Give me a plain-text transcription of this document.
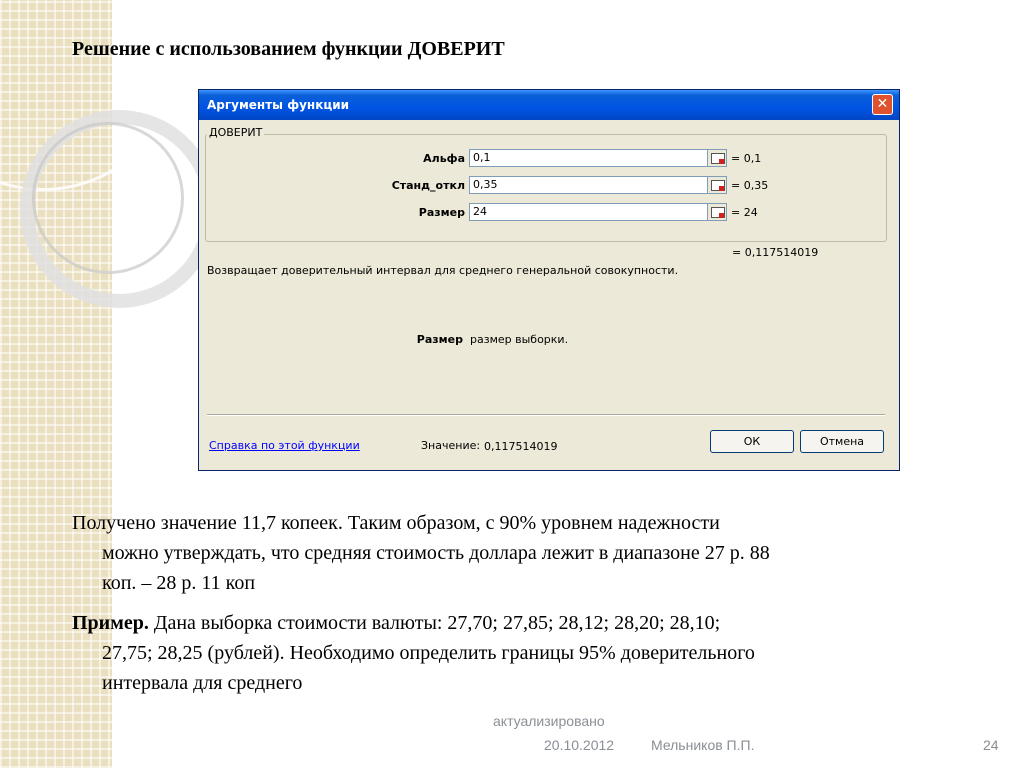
Решение с использованием функции ДОВЕРИТ
Аргументы функции	✕
ДОВЕРИТ
Альфа 0,1	= 0,1
Станд_откл 0,35	= 0,35
Размер 24	= 24
= 0,117514019
Возвращает доверительный интервал для среднего генеральной совокупности.
Размер размер выборки.
Справка по этой функции	Значение: 0,117514019	ОК	Отмена
Получено значение 11,7 копеек. Таким образом, с 90% уровнем надежности
можно утверждать, что средняя стоимость доллара лежит в диапазоне 27 р. 88
коп. – 28 р. 11 коп
Пример. Дана выборка стоимости валюты: 27,70; 27,85; 28,12; 28,20; 28,10;
27,75; 28,25 (рублей). Необходимо определить границы 95% доверительного
интервала для среднего
актуализировано
20.10.2012	Мельников П.П.	24
